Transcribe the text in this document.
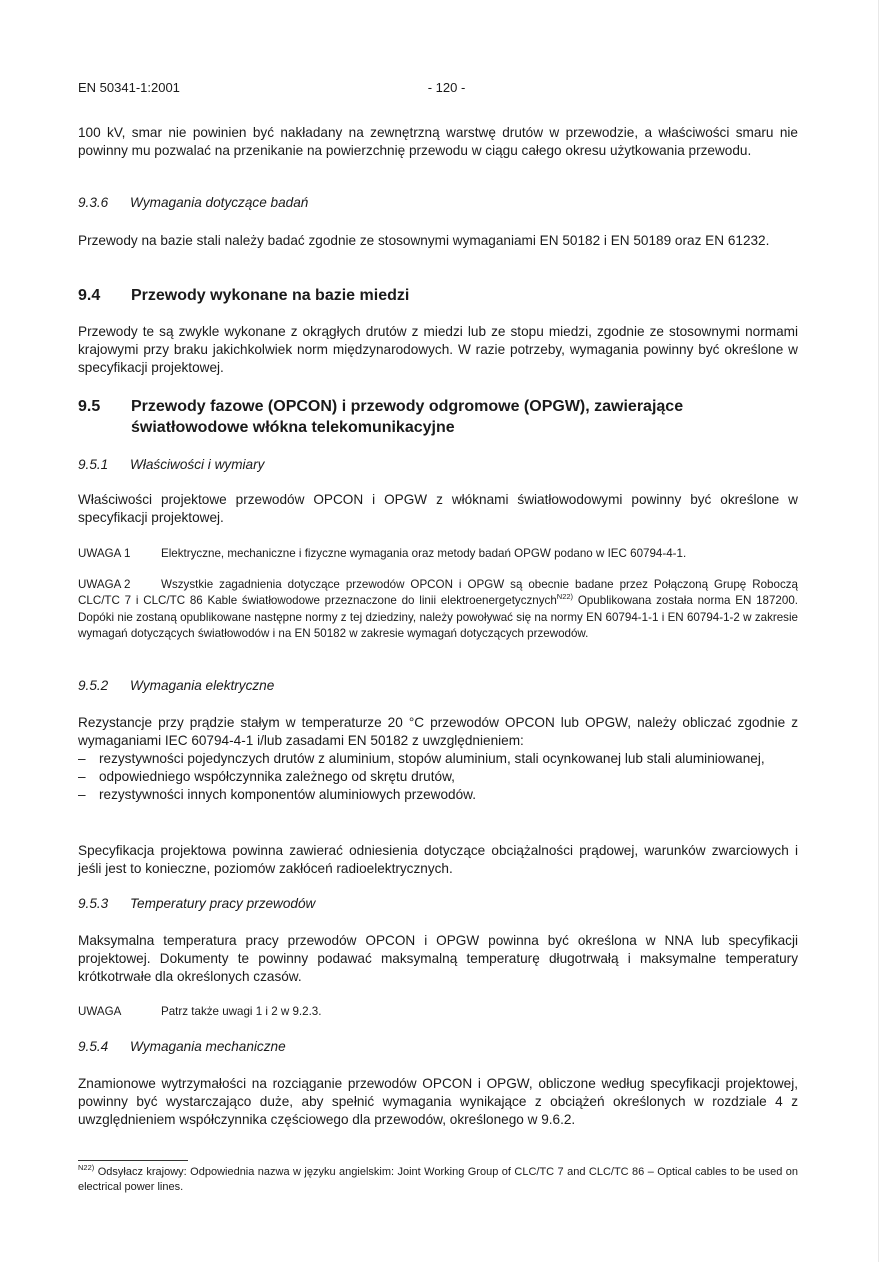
EN 50341-1:2001	- 120 -

100 kV, smar nie powinien być nakładany na zewnętrzną warstwę drutów w przewodzie, a właściwości smaru nie powinny mu pozwalać na przenikanie na powierzchnię przewodu w ciągu całego okresu użytkowania przewodu.

9.3.6 Wymagania dotyczące badań

Przewody na bazie stali należy badać zgodnie ze stosownymi wymaganiami EN 50182 i EN 50189 oraz EN 61232.

9.4 Przewody wykonane na bazie miedzi

Przewody te są zwykle wykonane z okrągłych drutów z miedzi lub ze stopu miedzi, zgodnie ze stosownymi normami krajowymi przy braku jakichkolwiek norm międzynarodowych. W razie potrzeby, wymagania powinny być określone w specyfikacji projektowej.

9.5 Przewody fazowe (OPCON) i przewody odgromowe (OPGW), zawierające światłowodowe włókna telekomunikacyjne
9.5.1 Właściwości i wymiary

Właściwości projektowe przewodów OPCON i OPGW z włóknami światłowodowymi powinny być określone w specyfikacji projektowej.

UWAGA 1	Elektryczne, mechaniczne i fizyczne wymagania oraz metody badań OPGW podano w IEC 60794-4-1.
UWAGA 2	Wszystkie zagadnienia dotyczące przewodów OPCON i OPGW są obecnie badane przez Połączoną Grupę Roboczą CLC/TC 7 i CLC/TC 86 Kable światłowodowe przeznaczone do linii elektroenergetycznych$^{N22)}$ Opublikowana została norma EN 187200. Dopóki nie zostaną opublikowane następne normy z tej dziedziny, należy powoływać się na normy EN 60794-1-1 i EN 60794-1-2 w zakresie wymagań dotyczących światłowodów i na EN 50182 w zakresie wymagań dotyczących przewodów.
9.5.2 Wymagania elektryczne

Rezystancje przy prądzie stałym w temperaturze 20 °C przewodów OPCON lub OPGW, należy obliczać zgodnie z wymaganiami IEC 60794-4-1 i/lub zasadami EN 50182 z uwzględnieniem:

– rezystywności pojedynczych drutów z aluminium, stopów aluminium, stali ocynkowanej lub stali aluminiowanej,
– odpowiedniego współczynnika zależnego od skrętu drutów,
– rezystywności innych komponentów aluminiowych przewodów.

Specyfikacja projektowa powinna zawierać odniesienia dotyczące obciążalności prądowej, warunków zwarciowych i jeśli jest to konieczne, poziomów zakłóceń radioelektrycznych.

9.5.3 Temperatury pracy przewodów

Maksymalna temperatura pracy przewodów OPCON i OPGW powinna być określona w NNA lub specyfikacji projektowej. Dokumenty te powinny podawać maksymalną temperaturę długotrwałą i maksymalne temperatury krótkotrwałe dla określonych czasów.

UWAGA	Patrz także uwagi 1 i 2 w 9.2.3.
9.5.4 Wymagania mechaniczne

Znamionowe wytrzymałości na rozciąganie przewodów OPCON i OPGW, obliczone według specyfikacji projektowej, powinny być wystarczająco duże, aby spełnić wymagania wynikające z obciążeń określonych w rozdziale 4 z uwzględnieniem współczynnika częściowego dla przewodów, określonego w 9.6.2.

$^{N22)}$ Odsyłacz krajowy: Odpowiednia nazwa w języku angielskim: Joint Working Group of CLC/TC 7 and CLC/TC 86 – Optical cables to be used on electrical power lines.
